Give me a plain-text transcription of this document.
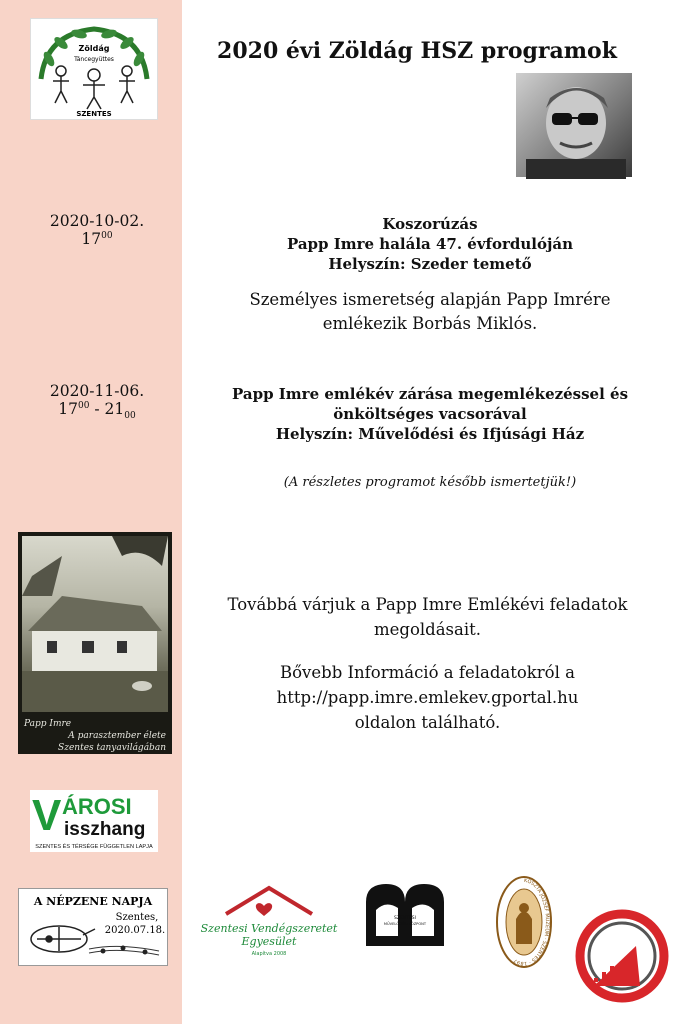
Zöldág
Táncegyüttes
SZENTES
2020 évi Zöldág HSZ programok
2020-10-02.
$17^{00}$
Koszorúzás
Papp Imre halála 47. évfordulóján
Helyszín: Szeder temető
Személyes ismeretség alapján Papp Imrére emlékezik Borbás Miklós.
2020-11-06.
$17^{00} - 21_{00}$
Papp Imre emlékév zárása megemlékezéssel és
önköltséges vacsorával
Helyszín: Művelődési és Ifjúsági Ház
(A részletes programot később ismertetjük!)
Papp Imre
A parasztember élete
Szentes tanyavilágában
Továbbá várjuk a Papp Imre Emlékévi feladatok megoldásait.
Bővebb Információ a feladatokról a
http://papp.imre.emlekev.gportal.hu
oldalon található.
V ÁROSI
isszhang
SZENTES ÉS TÉRSÉGE FÜGGETLEN LAPJA
A NÉPZENE NAPJA
Szentes,
2020.07.18.	Szentesi Vendégszeretet
Egyesület
Alapítva 2008
SZENTESI
MŰVELŐDÉSI KÖZPONT
KOSZTA JÓZSEF MÚZEUM · SZENTES · 1897
